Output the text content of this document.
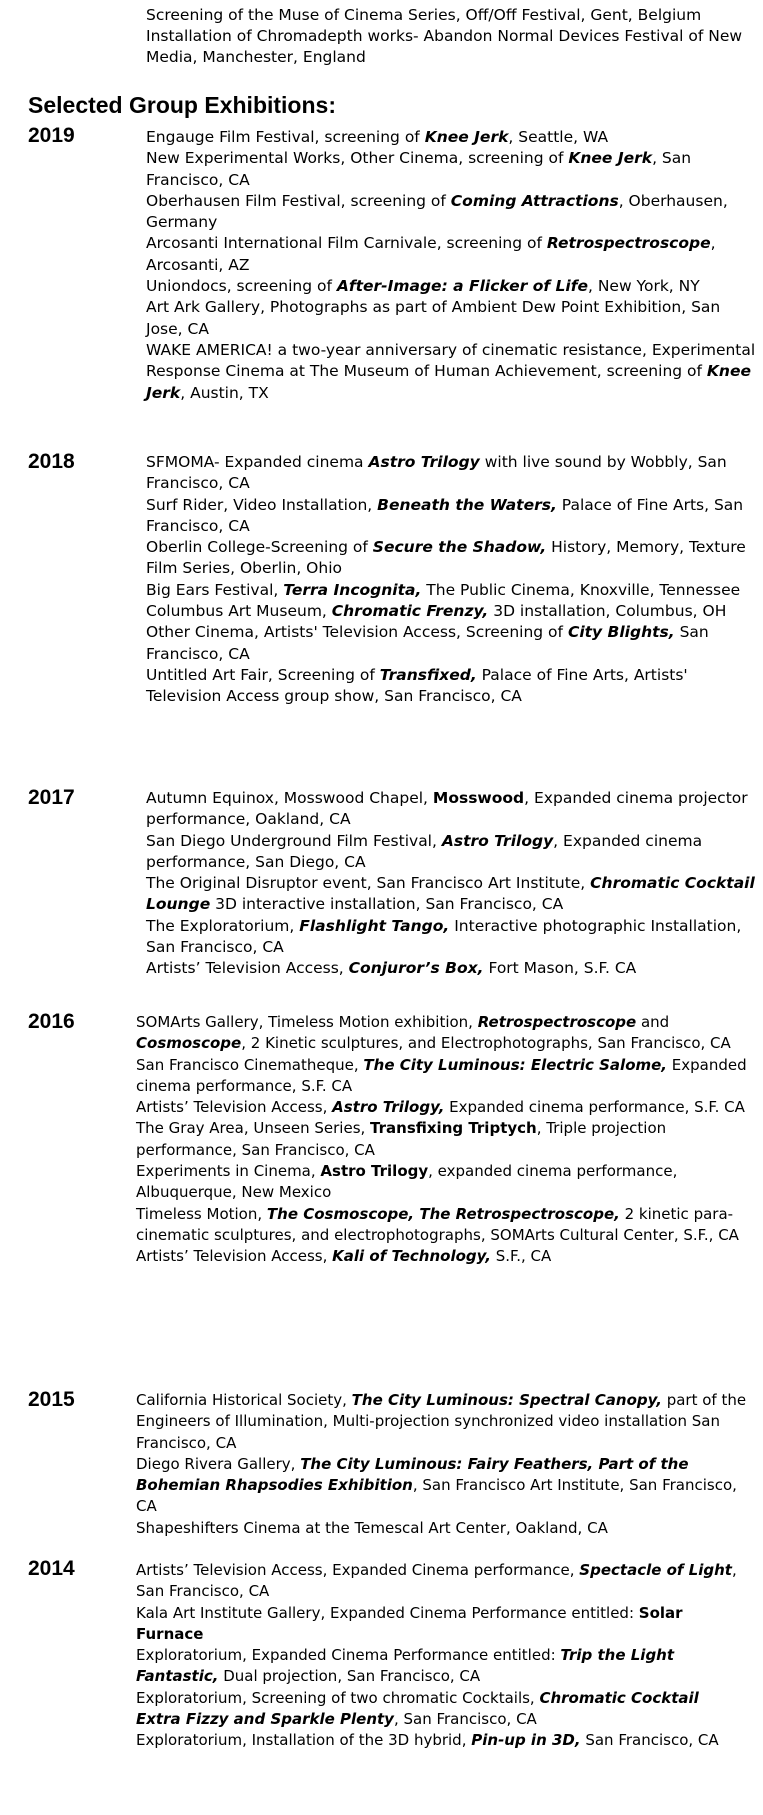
Screening of the Muse of Cinema Series, Off/Off Festival, Gent, Belgium
Installation of Chromadepth works- Abandon Normal Devices Festival of New Media, Manchester, England
Selected Group Exhibitions:
2019	Engauge Film Festival, screening of Knee Jerk, Seattle, WA
New Experimental Works, Other Cinema, screening of Knee Jerk, San Francisco, CA
Oberhausen Film Festival, screening of Coming Attractions, Oberhausen, Germany
Arcosanti International Film Carnivale, screening of Retrospectroscope, Arcosanti, AZ
Uniondocs, screening of After-Image: a Flicker of Life, New York, NY
Art Ark Gallery, Photographs as part of Ambient Dew Point Exhibition, San Jose, CA
WAKE AMERICA! a two-year anniversary of cinematic resistance, Experimental Response Cinema at The Museum of Human Achievement, screening of Knee Jerk, Austin, TX
2018	SFMOMA- Expanded cinema Astro Trilogy with live sound by Wobbly, San Francisco, CA
Surf Rider, Video Installation, Beneath the Waters, Palace of Fine Arts, San Francisco, CA
Oberlin College-Screening of Secure the Shadow, History, Memory, Texture Film Series, Oberlin, Ohio
Big Ears Festival, Terra Incognita, The Public Cinema, Knoxville, Tennessee
Columbus Art Museum, Chromatic Frenzy, 3D installation, Columbus, OH
Other Cinema, Artists' Television Access, Screening of City Blights, San Francisco, CA
Untitled Art Fair, Screening of Transfixed, Palace of Fine Arts, Artists' Television Access group show, San Francisco, CA
2017	Autumn Equinox, Mosswood Chapel, Mosswood, Expanded cinema projector performance, Oakland, CA
San Diego Underground Film Festival, Astro Trilogy, Expanded cinema performance, San Diego, CA
The Original Disruptor event, San Francisco Art Institute, Chromatic Cocktail Lounge 3D interactive installation, San Francisco, CA
The Exploratorium, Flashlight Tango, Interactive photographic Installation, San Francisco, CA
Artists’ Television Access, Conjuror’s Box, Fort Mason, S.F. CA
2016	SOMArts Gallery, Timeless Motion exhibition, Retrospectroscope and Cosmoscope, 2 Kinetic sculptures, and Electrophotographs, San Francisco, CA
San Francisco Cinematheque, The City Luminous: Electric Salome, Expanded cinema performance, S.F. CA
Artists’ Television Access, Astro Trilogy, Expanded cinema performance, S.F. CA
The Gray Area, Unseen Series, Transfixing Triptych, Triple projection performance, San Francisco, CA
Experiments in Cinema, Astro Trilogy, expanded cinema performance, Albuquerque, New Mexico
Timeless Motion, The Cosmoscope, The Retrospectroscope, 2 kinetic para-cinematic sculptures, and electrophotographs, SOMArts Cultural Center, S.F., CA
Artists’ Television Access, Kali of Technology, S.F., CA
2015	California Historical Society, The City Luminous: Spectral Canopy, part of the Engineers of Illumination, Multi-projection synchronized video installation San Francisco, CA
Diego Rivera Gallery, The City Luminous: Fairy Feathers, Part of the Bohemian Rhapsodies Exhibition, San Francisco Art Institute, San Francisco, CA
Shapeshifters Cinema at the Temescal Art Center, Oakland, CA
2014	Artists’ Television Access, Expanded Cinema performance, Spectacle of Light, San Francisco, CA
Kala Art Institute Gallery, Expanded Cinema Performance entitled: Solar Furnace
Exploratorium, Expanded Cinema Performance entitled: Trip the Light Fantastic, Dual projection, San Francisco, CA
Exploratorium, Screening of two chromatic Cocktails, Chromatic Cocktail Extra Fizzy and Sparkle Plenty, San Francisco, CA
Exploratorium, Installation of the 3D hybrid, Pin-up in 3D, San Francisco, CA
